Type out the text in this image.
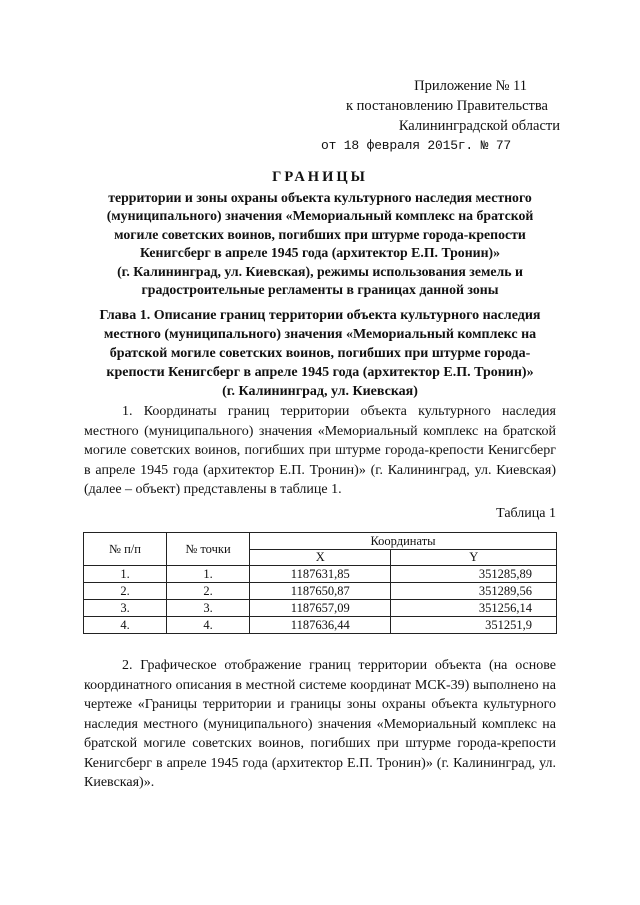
Приложение № 11
к постановлению Правительства
Калининградской области
от 18 февраля 2015г. № 77
ГРАНИЦЫ
территории и зоны охраны объекта культурного наследия местного
(муниципального) значения «Мемориальный комплекс на братской
могиле советских воинов, погибших при штурме города-крепости
Кенигсберг в апреле 1945 года (архитектор Е.П. Тронин)»
(г. Калининград, ул. Киевская), режимы использования земель и
градостроительные регламенты в границах данной зоны
Глава 1. Описание границ территории объекта культурного наследия
местного (муниципального) значения «Мемориальный комплекс на
братской могиле советских воинов, погибших при штурме города-
крепости Кенигсберг в апреле 1945 года (архитектор Е.П. Тронин)»
(г. Калининград, ул. Киевская)
1. Координаты границ территории объекта культурного наследия местного (муниципального) значения «Мемориальный комплекс на братской могиле советских воинов, погибших при штурме города-крепости Кенигсберг в апреле 1945 года (архитектор Е.П. Тронин)» (г. Калининград, ул. Киевская) (далее – объект) представлены в таблице 1.
Таблица 1
№ п/п	№ точки	Координаты	
		X	Y
1.	1.	1187631,85	351285,89
2.	2.	1187650,87	351289,56
3.	3.	1187657,09	351256,14
4.	4.	1187636,44	351251,9
2. Графическое отображение границ территории объекта (на основе координатного описания в местной системе координат МСК-39) выполнено на чертеже «Границы территории и границы зоны охраны объекта культурного наследия местного (муниципального) значения «Мемориальный комплекс на братской могиле советских воинов, погибших при штурме города-крепости Кенигсберг в апреле 1945 года (архитектор Е.П. Тронин)» (г. Калининград, ул. Киевская)».
